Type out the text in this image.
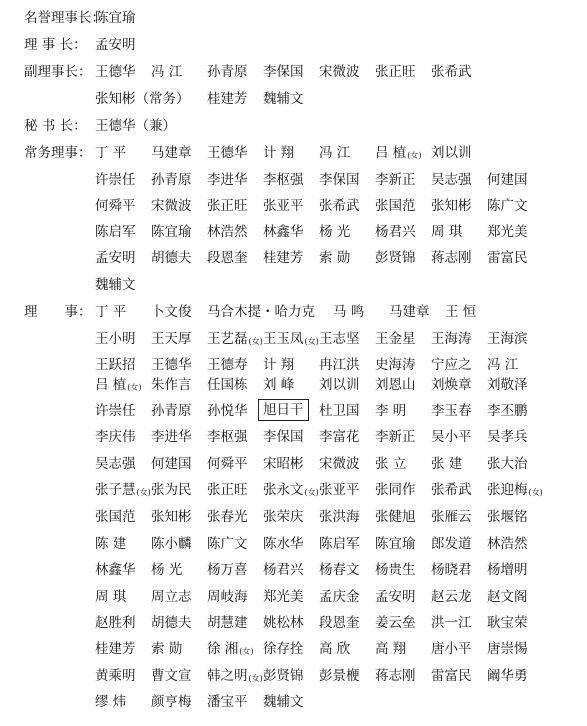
名誉理事长：
陈宜瑜
理 事 长： 孟安明
副理事长： 王德华 冯 江 孙青原 李保国 宋微波 张正旺 张希武
张知彬（常务） 桂建芳 魏辅文
秘 书 长： 王德华（兼）
常务理事： 丁 平 马建章 王德华 计 翔 冯 江 吕 植(女) 刘以训
许崇任 孙青原 李进华 李枢强 李保国 李新正 吴志强 何建国
何舜平 宋微波 张正旺 张亚平 张希武 张国范 张知彬 陈广文
陈启军 陈宜瑜 林浩然 林鑫华 杨 光 杨君兴 周 琪 郑光美
孟安明 胡德夫 段恩奎 桂建芳 索 勋 彭贤锦 蒋志刚 雷富民
魏辅文
理　　事： 丁 平 卜文俊 马合木提・哈力克 马 鸣 马建章 王 恒
王小明 王天厚 王艺磊(女) 王玉凤(女) 王志坚 王金星 王海涛 王海滨
王跃招 王德华 王德寿 计 翔 冉江洪 史海涛 宁应之 冯 江
吕 植(女) 朱作言 任国栋 刘 峰 刘以训 刘恩山 刘焕章 刘敬泽
许崇任 孙青原 孙悦华	旭日干	杜卫国 李 明 李玉春 李丕鹏
李庆伟 李进华 李枢强 李保国 李富花 李新正 吴小平 吴孝兵
吴志强 何建国 何舜平 宋昭彬 宋微波 张 立 张 建 张大治
张子慧(女) 张为民 张正旺 张永文(女) 张亚平 张同作 张希武 张迎梅(女)
张国范 张知彬 张春光 张荣庆 张洪海 张健旭 张雁云 张堰铭
陈 建 陈小麟 陈广文 陈水华 陈启军 陈宜瑜 郎发道 林浩然
林鑫华 杨 光 杨万喜 杨君兴 杨春文 杨贵生 杨晓君 杨增明
周 琪 周立志 周岐海 郑光美 孟庆金 孟安明 赵云龙 赵文阁
赵胜利 胡德夫 胡慧建 姚松林 段恩奎 姜云垒 洪一江 耿宝荣
桂建芳 索 勋 徐 湘(女) 徐存拴 高 欣 高 翔 唐小平 唐崇惕
黄乘明 曹文宣 韩之明(女) 彭贤锦 彭景楩 蒋志刚 雷富民 阚华勇
缪 炜 颜亨梅 潘宝平 魏辅文
